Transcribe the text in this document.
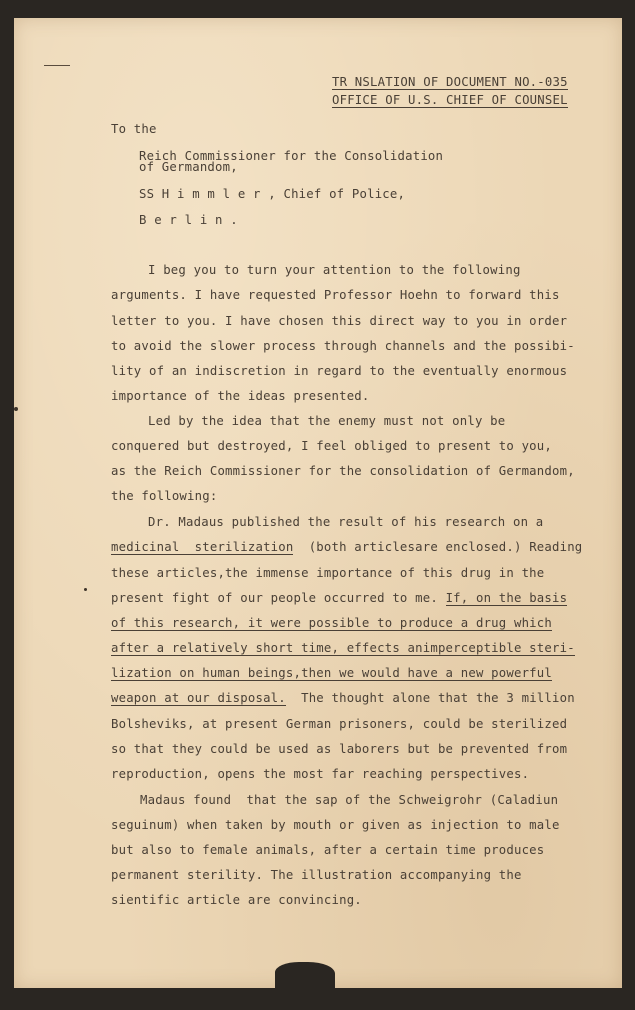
TR NSLATION OF DOCUMENT NO.-035 OFFICE OF U.S. CHIEF OF COUNSEL
To the
Reich Commissioner for the Consolidation
of Germandom,
SS H i m m l e r , Chief of Police,
B e r l i n .
I beg you to turn your attention to the following
arguments. I have requested Professor Hoehn to forward this
letter to you. I have chosen this direct way to you in order
to avoid the slower process through channels and the possibi-
lity of an indiscretion in regard to the eventually enormous
importance of the ideas presented.
Led by the idea that the enemy must not only be
conquered but destroyed, I feel obliged to present to you,
as the Reich Commissioner for the consolidation of Germandom,
the following:
Dr. Madaus published the result of his research on a
medicinal  sterilization  (both articlesare enclosed.) Reading
these articles,the immense importance of this drug in the
present fight of our people occurred to me. If, on the basis
of this research, it were possible to produce a drug which
after a relatively short time, effects animperceptible steri-
lization on human beings,then we would have a new powerful
weapon at our disposal.  The thought alone that the 3 million
Bolsheviks, at present German prisoners, could be sterilized
so that they could be used as laborers but be prevented from
reproduction, opens the most far reaching perspectives.
Madaus found  that the sap of the Schweigrohr (Caladiun
seguinum) when taken by mouth or given as injection to male
but also to female animals, after a certain time produces
permanent sterility. The illustration accompanying the
sientific article are convincing.
